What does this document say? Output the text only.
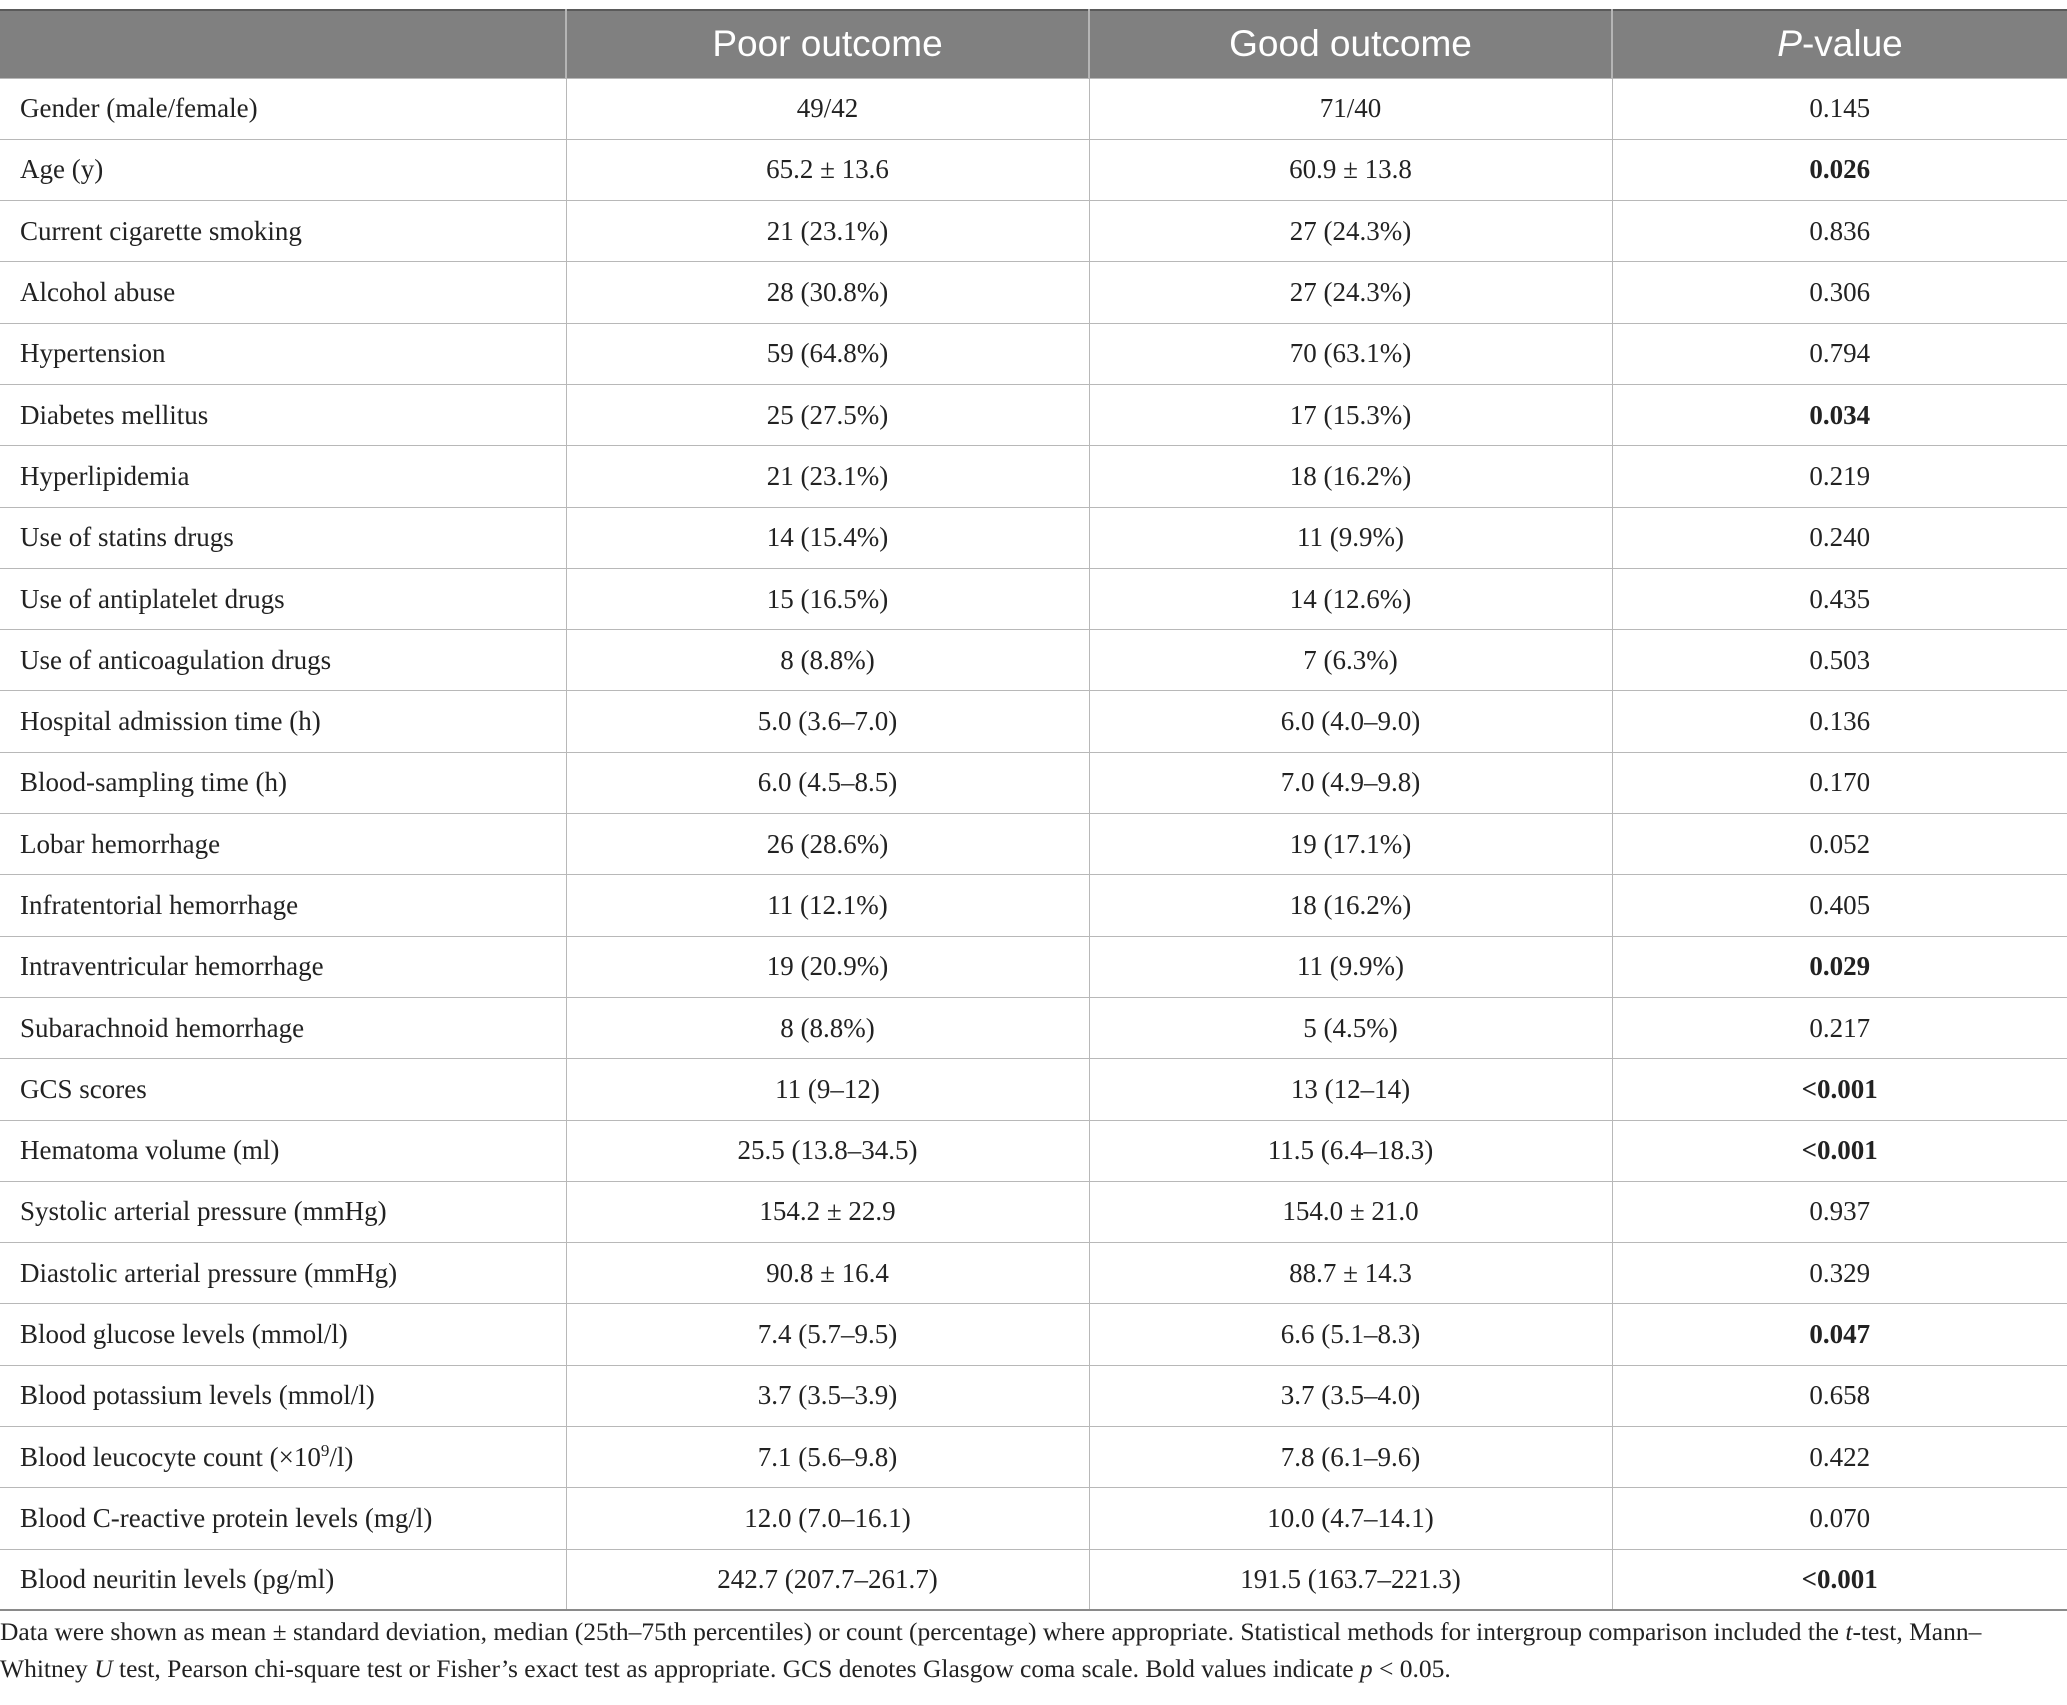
	Poor outcome	Good outcome	P-value
Gender (male/female)	49/42	71/40	0.145
Age (y)	65.2 ± 13.6	60.9 ± 13.8	0.026
Current cigarette smoking	21 (23.1%)	27 (24.3%)	0.836
Alcohol abuse	28 (30.8%)	27 (24.3%)	0.306
Hypertension	59 (64.8%)	70 (63.1%)	0.794
Diabetes mellitus	25 (27.5%)	17 (15.3%)	0.034
Hyperlipidemia	21 (23.1%)	18 (16.2%)	0.219
Use of statins drugs	14 (15.4%)	11 (9.9%)	0.240
Use of antiplatelet drugs	15 (16.5%)	14 (12.6%)	0.435
Use of anticoagulation drugs	8 (8.8%)	7 (6.3%)	0.503
Hospital admission time (h)	5.0 (3.6–7.0)	6.0 (4.0–9.0)	0.136
Blood-sampling time (h)	6.0 (4.5–8.5)	7.0 (4.9–9.8)	0.170
Lobar hemorrhage	26 (28.6%)	19 (17.1%)	0.052
Infratentorial hemorrhage	11 (12.1%)	18 (16.2%)	0.405
Intraventricular hemorrhage	19 (20.9%)	11 (9.9%)	0.029
Subarachnoid hemorrhage	8 (8.8%)	5 (4.5%)	0.217
GCS scores	11 (9–12)	13 (12–14)	<0.001
Hematoma volume (ml)	25.5 (13.8–34.5)	11.5 (6.4–18.3)	<0.001
Systolic arterial pressure (mmHg)	154.2 ± 22.9	154.0 ± 21.0	0.937
Diastolic arterial pressure (mmHg)	90.8 ± 16.4	88.7 ± 14.3	0.329
Blood glucose levels (mmol/l)	7.4 (5.7–9.5)	6.6 (5.1–8.3)	0.047
Blood potassium levels (mmol/l)	3.7 (3.5–3.9)	3.7 (3.5–4.0)	0.658
Blood leucocyte count $(\times 10^9/l)$	7.1 (5.6–9.8)	7.8 (6.1–9.6)	0.422
Blood C-reactive protein levels (mg/l)	12.0 (7.0–16.1)	10.0 (4.7–14.1)	0.070
Blood neuritin levels (pg/ml)	242.7 (207.7–261.7)	191.5 (163.7–221.3)	<0.001
Data were shown as mean ± standard deviation, median (25th–75th percentiles) or count (percentage) where appropriate. Statistical methods for intergroup comparison included the t-test, Mann–Whitney U test, Pearson chi-square test or Fisher’s exact test as appropriate. GCS denotes Glasgow coma scale. Bold values indicate p < 0.05.
